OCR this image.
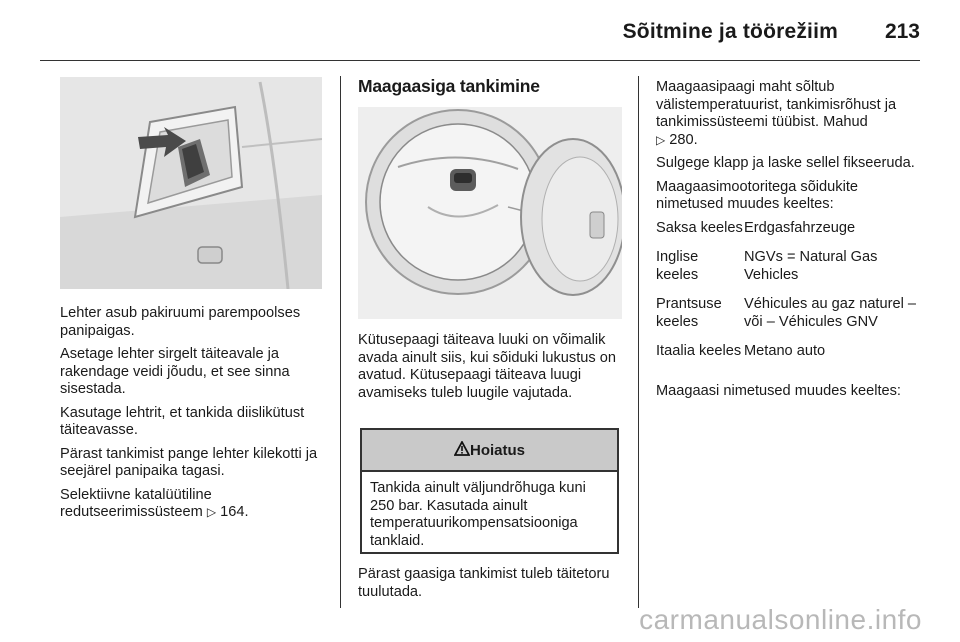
Sõitmine ja töörežiim 213

Lehter asub pakiruumi parempoolses panipaigas.

Asetage lehter sirgelt täiteavale ja rakendage veidi jõudu, et see sinna sisestada.

Kasutage lehtrit, et tankida diislikütust täiteavasse.

Pärast tankimist pange lehter kilekotti ja seejärel panipaika tagasi.

Selektiivne katalüütiline redutseerimissüsteem ▷ 164.

Maagaasiga tankimine

Kütusepaagi täiteava luuki on võimalik avada ainult siis, kui sõiduki lukustus on avatud. Kütusepaagi täiteava luugi avamiseks tuleb luugile vajutada.

Hoiatus
Tankida ainult väljundrõhuga kuni 250 bar. Kasutada ainult temperatuurikompensatsiooniga tanklaid.

Pärast gaasiga tankimist tuleb täitetoru tuulutada.

Maagaasipaagi maht sõltub välistemperatuurist, tankimisrõhust ja tankimissüsteemi tüübist. Mahud
▷ 280.

Sulgege klapp ja laske sellel fikseeruda.

Maagaasimootoritega sõidukite nimetused muudes keeltes:

Saksa keeles	Erdgasfahrzeuge
Inglise keeles	NGVs = Natural Gas Vehicles
Prantsuse keeles	Véhicules au gaz naturel – või – Véhicules GNV
Itaalia keeles	Metano auto

Maagaasi nimetused muudes keeltes:

carmanualsonline.info
